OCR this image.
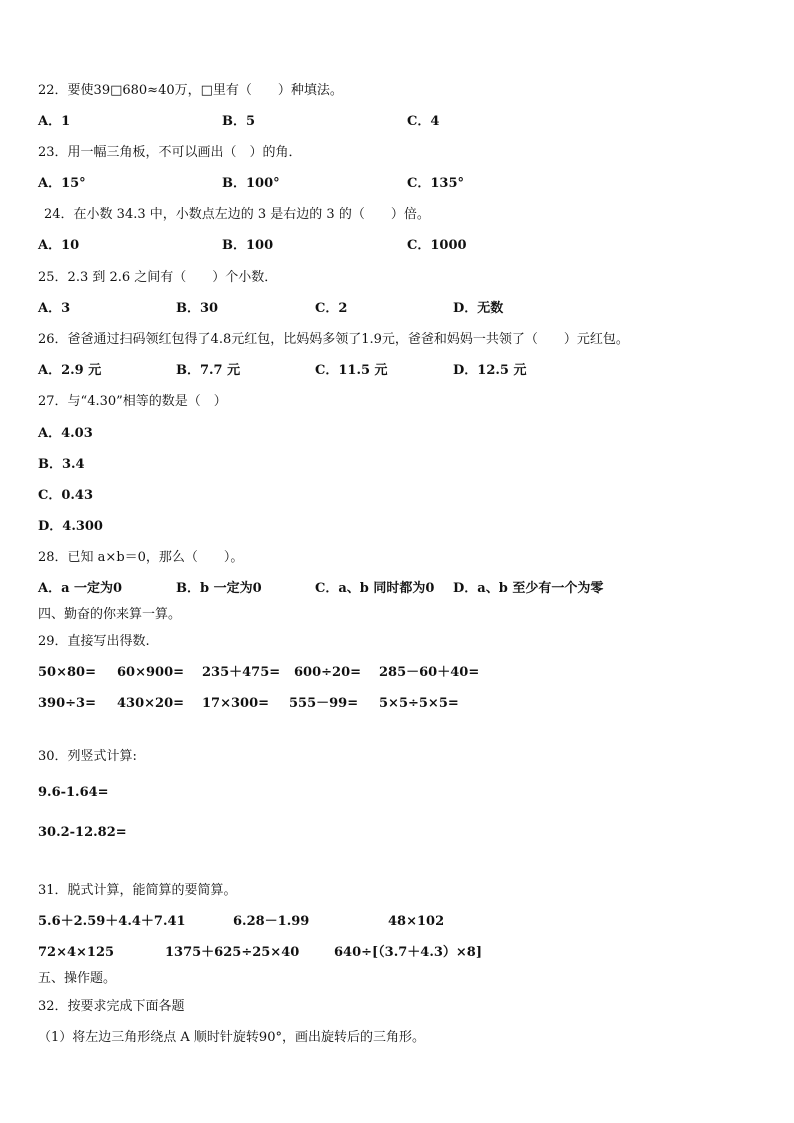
22．要使39□680≈40万，□里有（　　）种填法。
A．1	B．5	C．4
23．用一幅三角板，不可以画出（　）的角．
A．15°	B．100°	C．135°
24．在小数 34.3 中，小数点左边的 3 是右边的 3 的（　　）倍。
A．10	B．100	C．1000
25．2.3 到 2.6 之间有（　　）个小数．
A．3	B．30	C．2	D．无数
26．爸爸通过扫码领红包得了4.8元红包，比妈妈多领了1.9元，爸爸和妈妈一共领了（　　）元红包。
A．2.9 元	B．7.7 元	C．11.5 元	D．12.5 元
27．与“4.30”相等的数是（　）
A．4.03
B．3.4
C．0.43
D．4.300
28．已知 a×b＝0，那么（　　）。
A．a 一定为0	B．b 一定为0	C．a、b 同时都为0 D．a、b 至少有一个为零
四、勤奋的你来算一算。
29．直接写出得数.
50×80= 60×900= 235＋475= 600÷20= 285－60＋40=
390÷3= 430×20= 17×300= 555－99= 5×5÷5×5=
30．列竖式计算:
9.6-1.64=
30.2-12.82=
31．脱式计算，能简算的要简算。
5.6＋2.59＋4.4＋7.41	6.28－1.99	48×102
72×4×125	1375＋625÷25×40	640÷[（3.7＋4.3）×8]
五、操作题。
32．按要求完成下面各题
（1）将左边三角形绕点 A 顺时针旋转90°，画出旋转后的三角形。
